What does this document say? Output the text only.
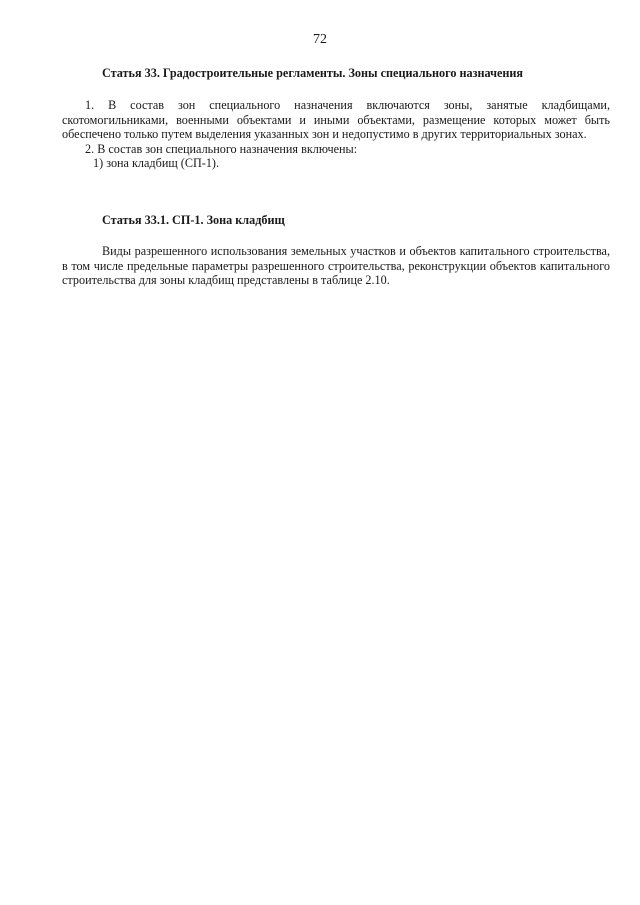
72
Статья 33. Градостроительные регламенты. Зоны специального назначения

1. В состав зон специального назначения включаются зоны, занятые кладбищами, скотомогильниками, военными объектами и иными объектами, размещение которых может быть обеспечено только путем выделения указанных зон и недопустимо в других территориальных зонах.

2. В состав зон специального назначения включены:

1) зона кладбищ (СП-1).

Статья 33.1. СП-1. Зона кладбищ

Виды разрешенного использования земельных участков и объектов капитального строительства, в том числе предельные параметры разрешенного строительства, реконструкции объектов капитального строительства для зоны кладбищ представлены в таблице 2.10.
